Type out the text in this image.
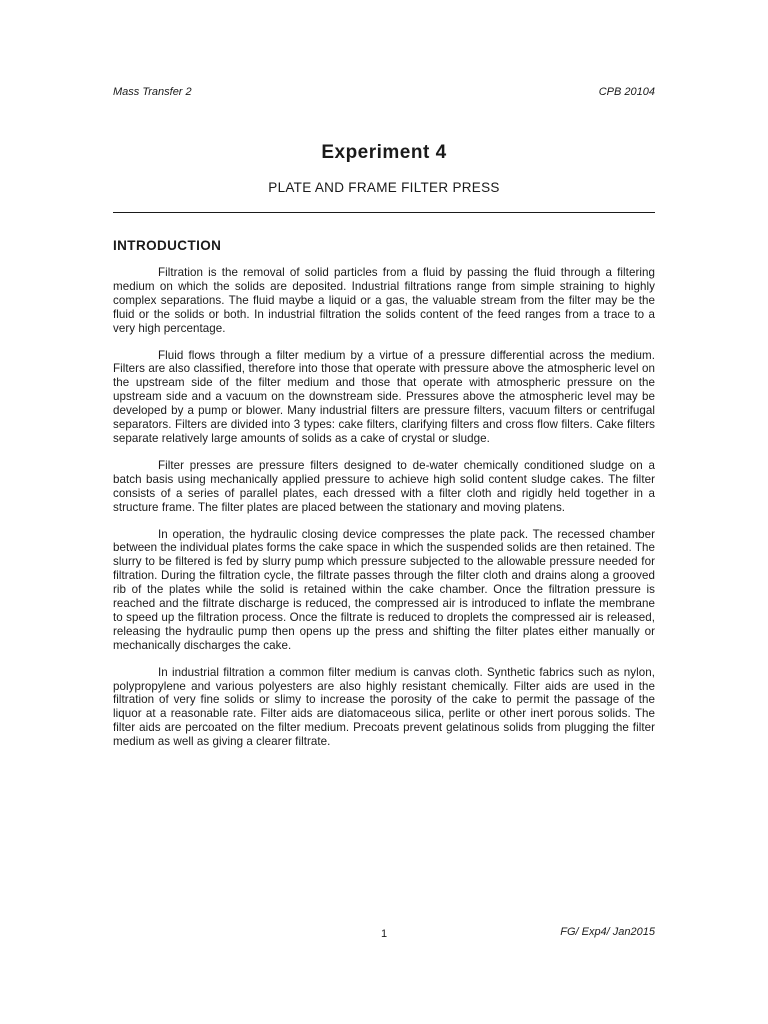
Mass Transfer 2	CPB 20104
Experiment 4
PLATE AND FRAME FILTER PRESS
INTRODUCTION

Filtration is the removal of solid particles from a fluid by passing the fluid through a filtering medium on which the solids are deposited. Industrial filtrations range from simple straining to highly complex separations. The fluid maybe a liquid or a gas, the valuable stream from the filter may be the fluid or the solids or both. In industrial filtration the solids content of the feed ranges from a trace to a very high percentage.

Fluid flows through a filter medium by a virtue of a pressure differential across the medium. Filters are also classified, therefore into those that operate with pressure above the atmospheric level on the upstream side of the filter medium and those that operate with atmospheric pressure on the upstream side and a vacuum on the downstream side. Pressures above the atmospheric level may be developed by a pump or blower. Many industrial filters are pressure filters, vacuum filters or centrifugal separators. Filters are divided into 3 types: cake filters, clarifying filters and cross flow filters. Cake filters separate relatively large amounts of solids as a cake of crystal or sludge.

Filter presses are pressure filters designed to de-water chemically conditioned sludge on a batch basis using mechanically applied pressure to achieve high solid content sludge cakes. The filter consists of a series of parallel plates, each dressed with a filter cloth and rigidly held together in a structure frame. The filter plates are placed between the stationary and moving platens.

In operation, the hydraulic closing device compresses the plate pack. The recessed chamber between the individual plates forms the cake space in which the suspended solids are then retained. The slurry to be filtered is fed by slurry pump which pressure subjected to the allowable pressure needed for filtration. During the filtration cycle, the filtrate passes through the filter cloth and drains along a grooved rib of the plates while the solid is retained within the cake chamber. Once the filtration pressure is reached and the filtrate discharge is reduced, the compressed air is introduced to inflate the membrane to speed up the filtration process. Once the filtrate is reduced to droplets the compressed air is released, releasing the hydraulic pump then opens up the press and shifting the filter plates either manually or mechanically discharges the cake.

In industrial filtration a common filter medium is canvas cloth. Synthetic fabrics such as nylon, polypropylene and various polyesters are also highly resistant chemically. Filter aids are used in the filtration of very fine solids or slimy to increase the porosity of the cake to permit the passage of the liquor at a reasonable rate. Filter aids are diatomaceous silica, perlite or other inert porous solids. The filter aids are percoated on the filter medium. Precoats prevent gelatinous solids from plugging the filter medium as well as giving a clearer filtrate.

1	FG/ Exp4/ Jan2015
